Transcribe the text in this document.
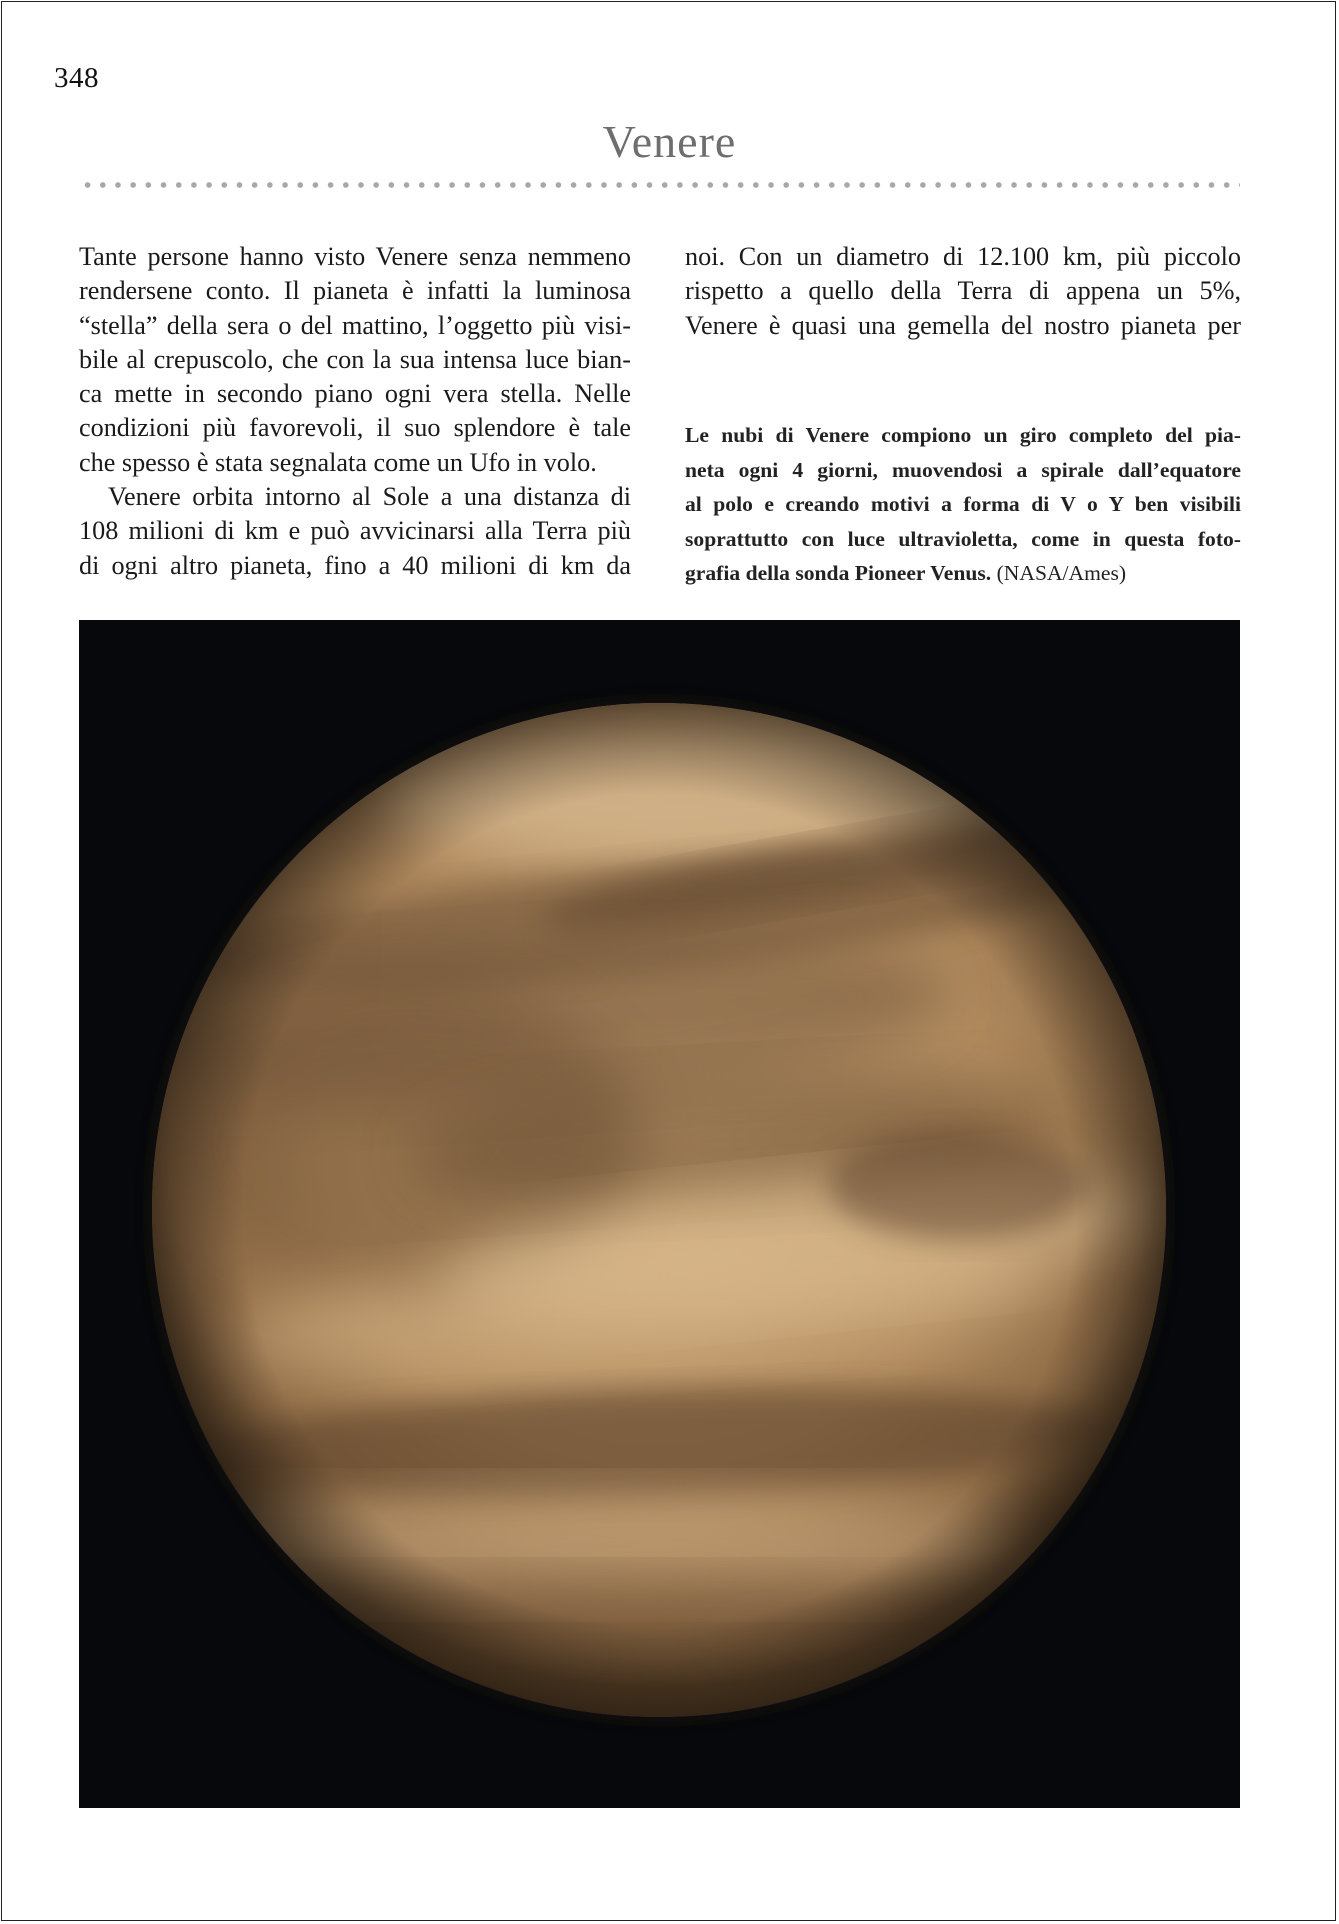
348
Venere
Tante persone hanno visto Venere senza nemmeno
rendersene conto. Il pianeta è infatti la luminosa
“stella” della sera o del mattino, l’oggetto più visi-
bile al crepuscolo, che con la sua intensa luce bian-
ca mette in secondo piano ogni vera stella. Nelle
condizioni più favorevoli, il suo splendore è tale
che spesso è stata segnalata come un Ufo in volo.
Venere orbita intorno al Sole a una distanza di
108 milioni di km e può avvicinarsi alla Terra più
di ogni altro pianeta, fino a 40 milioni di km da
noi. Con un diametro di 12.100 km, più piccolo
rispetto a quello della Terra di appena un 5%,
Venere è quasi una gemella del nostro pianeta per
Le nubi di Venere compiono un giro completo del pia-
neta ogni 4 giorni, muovendosi a spirale dall’equatore
al polo e creando motivi a forma di V o Y ben visibili
soprattutto con luce ultravioletta, come in questa foto-
grafia della sonda Pioneer Venus. (NASA/Ames)
